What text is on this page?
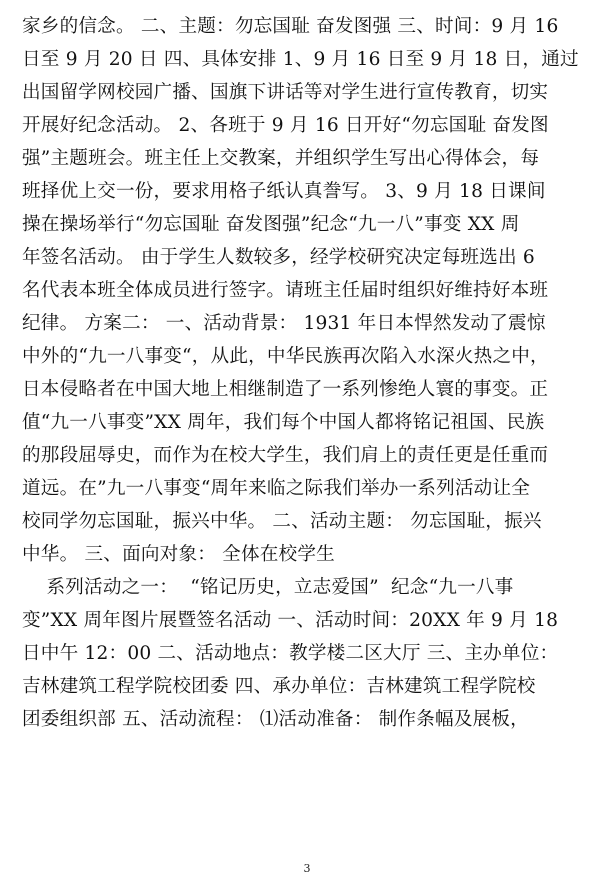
家乡的信念。 二、主题：勿忘国耻 奋发图强 三、时间：9 月 16
日至 9 月 20 日 四、具体安排 1、9 月 16 日至 9 月 18 日，通过
出国留学网校园广播、国旗下讲话等对学生进行宣传教育，切实
开展好纪念活动。 2、各班于 9 月 16 日开好“勿忘国耻 奋发图
强”主题班会。班主任上交教案，并组织学生写出心得体会，每
班择优上交一份，要求用格子纸认真誊写。 3、9 月 18 日课间
操在操场举行“勿忘国耻 奋发图强”纪念“九一八”事变 XX 周
年签名活动。 由于学生人数较多，经学校研究决定每班选出 6
名代表本班全体成员进行签字。请班主任届时组织好维持好本班
纪律。 方案二： 一、活动背景： 1931 年日本悍然发动了震惊
中外的“九一八事变“，从此，中华民族再次陷入水深火热之中，
日本侵略者在中国大地上相继制造了一系列惨绝人寰的事变。正
值“九一八事变”XX 周年，我们每个中国人都将铭记祖国、民族
的那段屈辱史，而作为在校大学生，我们肩上的责任更是任重而
道远。在”九一八事变“周年来临之际我们举办一系列活动让全
校同学勿忘国耻，振兴中华。 二、活动主题： 勿忘国耻，振兴
中华。 三、面向对象： 全体在校学生
系列活动之一：  “铭记历史，立志爱国”  纪念“九一八事
变”XX 周年图片展暨签名活动 一、活动时间：20XX 年 9 月 18
日中午 12：00 二、活动地点：教学楼二区大厅 三、主办单位：
吉林建筑工程学院校团委 四、承办单位：吉林建筑工程学院校
团委组织部 五、活动流程： ⑴活动准备： 制作条幅及展板，
3
